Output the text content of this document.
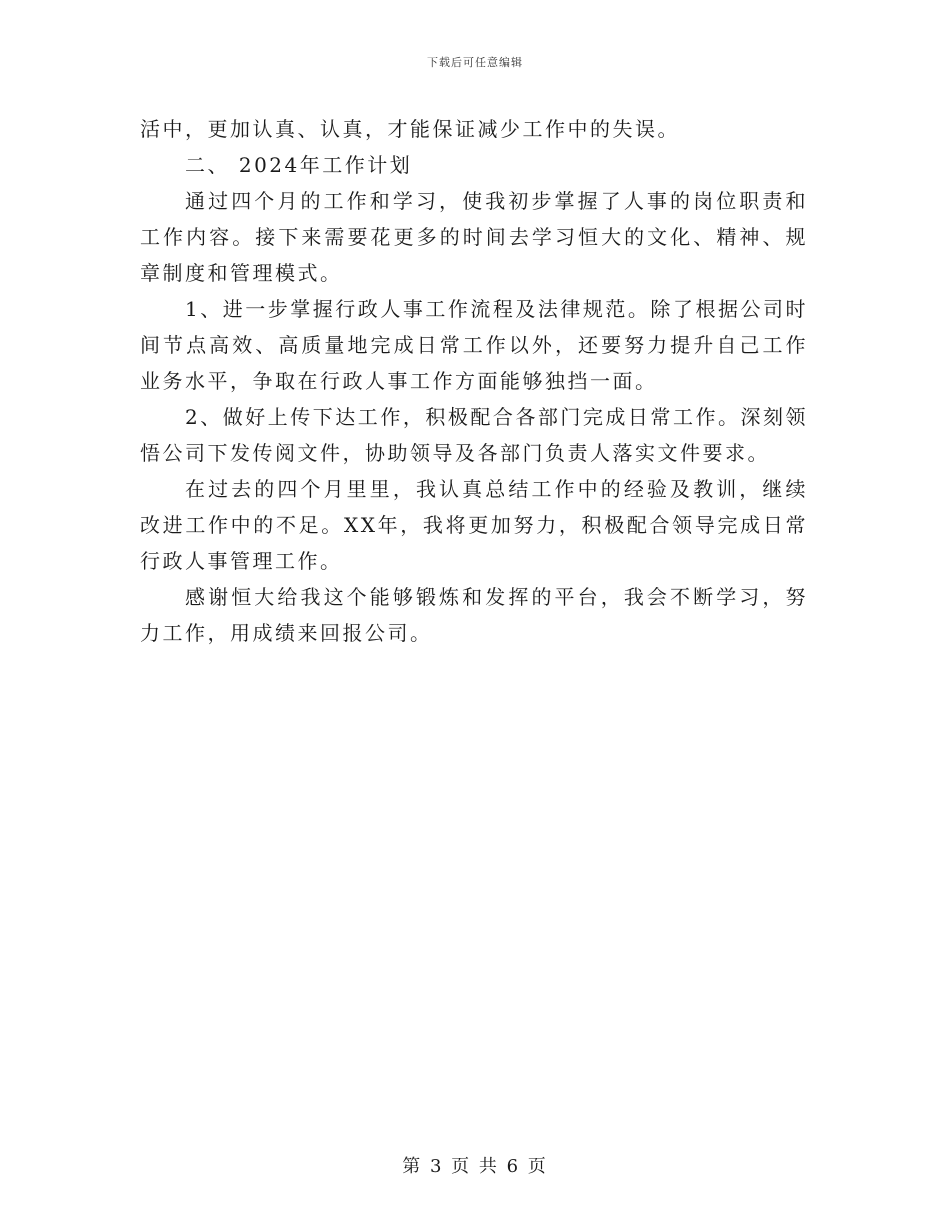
下载后可任意编辑

活中，更加认真、认真，才能保证减少工作中的失误。

二、 2024年工作计划

通过四个月的工作和学习，使我初步掌握了人事的岗位职责和工作内容。接下来需要花更多的时间去学习恒大的文化、精神、规章制度和管理模式。

1、进一步掌握行政人事工作流程及法律规范。除了根据公司时间节点高效、高质量地完成日常工作以外，还要努力提升自己工作业务水平，争取在行政人事工作方面能够独挡一面。

2、做好上传下达工作，积极配合各部门完成日常工作。深刻领悟公司下发传阅文件，协助领导及各部门负责人落实文件要求。

在过去的四个月里里，我认真总结工作中的经验及教训，继续改进工作中的不足。XX年，我将更加努力，积极配合领导完成日常行政人事管理工作。

感谢恒大给我这个能够锻炼和发挥的平台，我会不断学习，努力工作，用成绩来回报公司。

第 3 页 共 6 页
